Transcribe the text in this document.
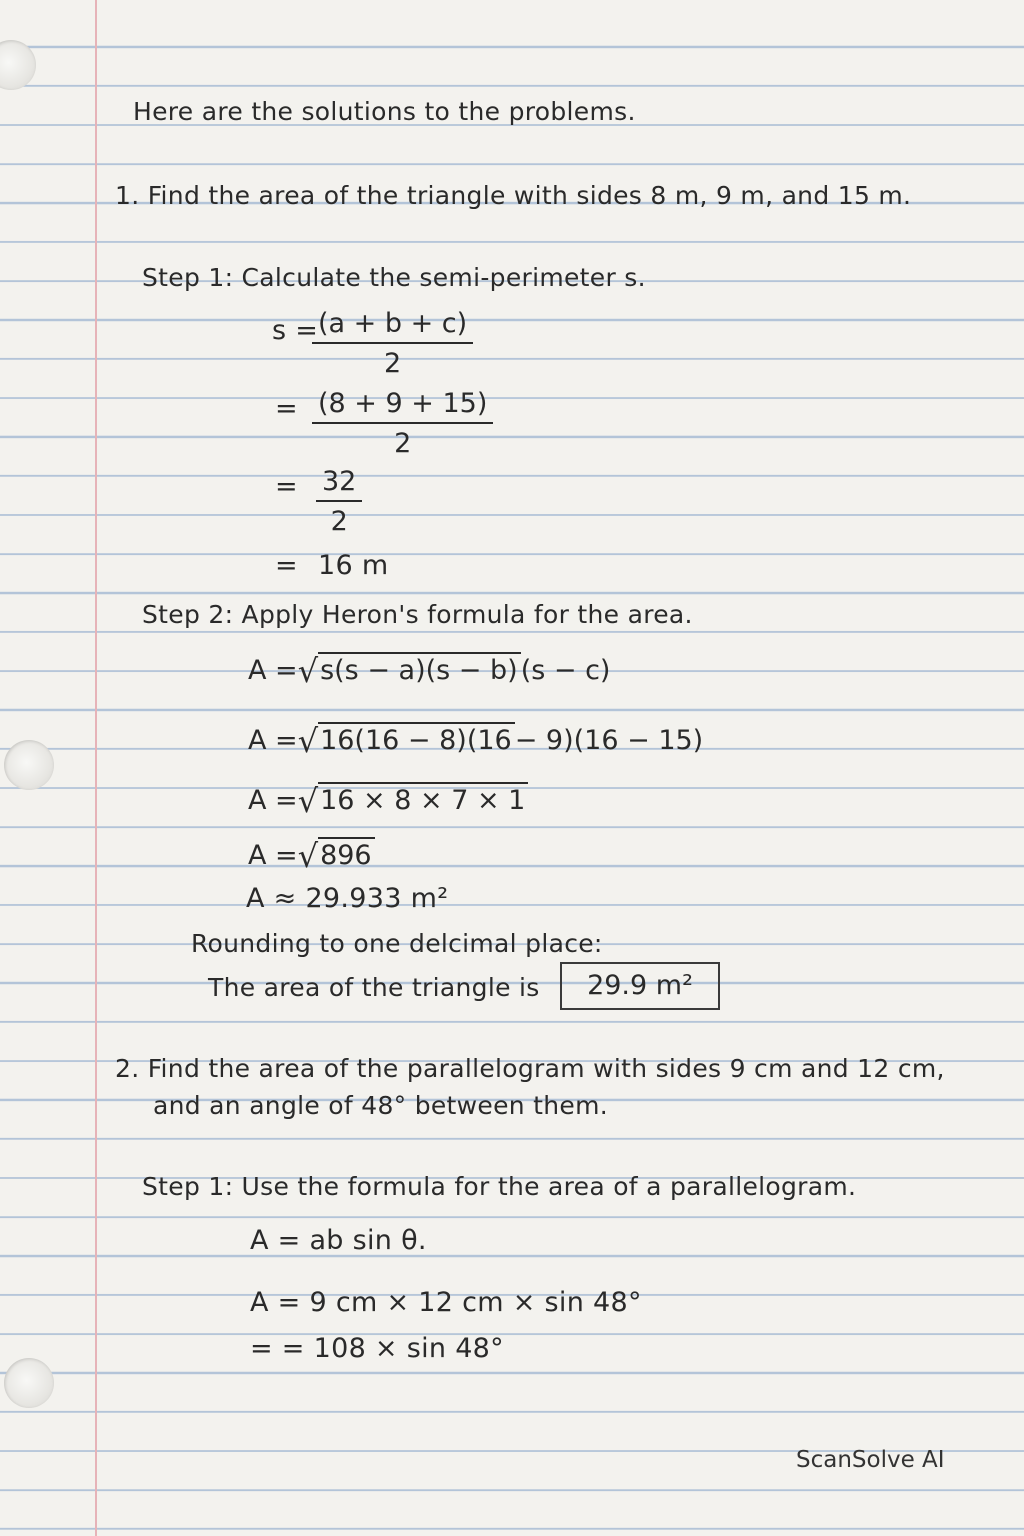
Here are the solutions to the problems.
1. Find the area of the triangle with sides 8 m, 9 m, and 15 m.
Step 1: Calculate the semi-perimeter s.
s =
$\frac{(a + b + c)}{2}$
= $\frac{(8 + 9 + 15)}{2}$
= $\frac{32}{2}$
= 16 m
Step 2: Apply Heron's formula for the area.
A = √ s(s − a)(s − b) (s − c)
A = √ 16(16 − 8)(16 − 9)(16 − 15)
A = √ 16 × 8 × 7 × 1
A = √ 896
A ≈ 29.933 m²
Rounding to one delcimal place:
The area of the triangle is	29.9 m²
2. Find the area of the parallelogram with sides 9 cm and 12 cm,
and an angle of 48° between them.
Step 1: Use the formula for the area of a parallelogram.
A = ab sin θ.
A = 9 cm × 12 cm × sin 48°
= = 108 × sin 48°
ScanSolve AI
